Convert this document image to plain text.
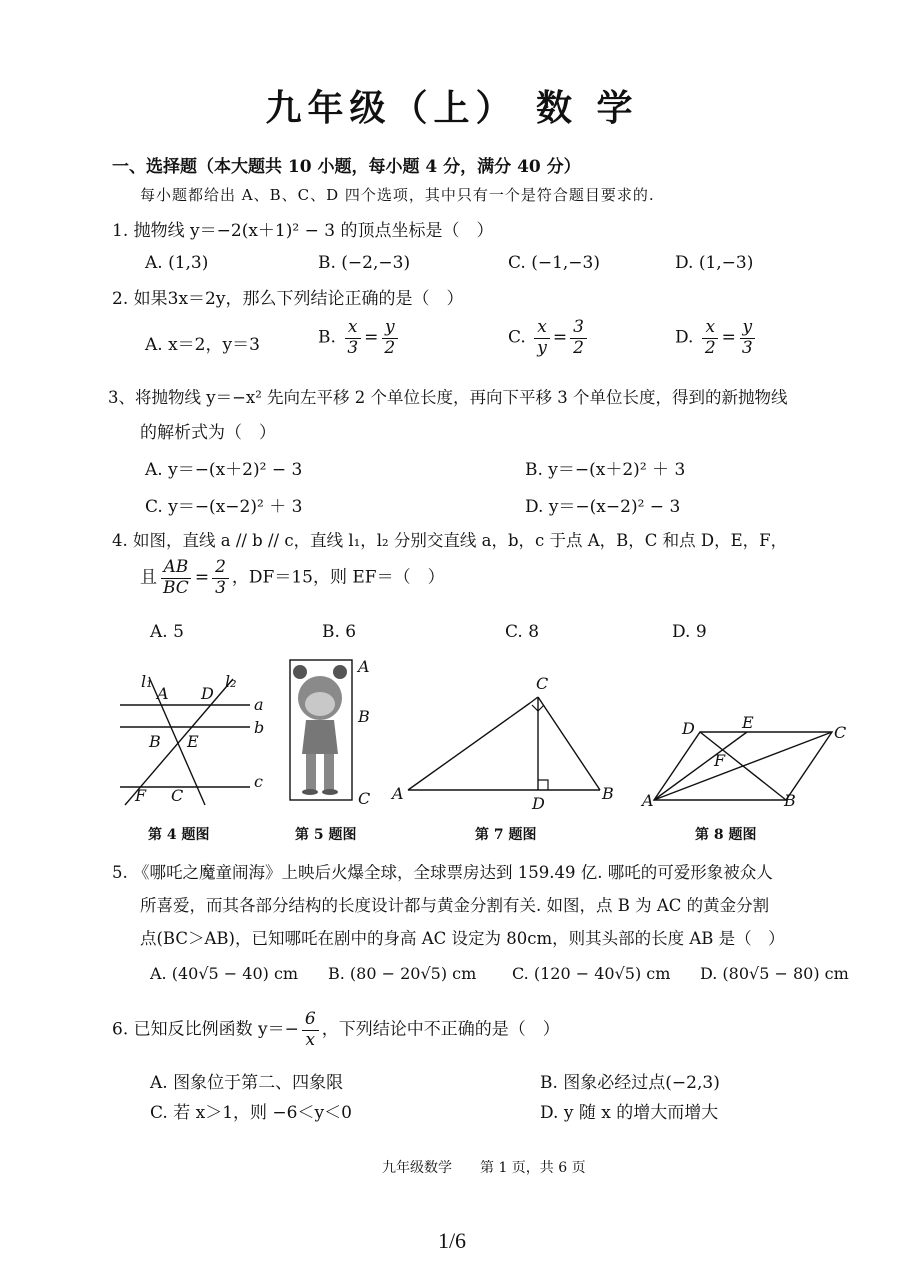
九年级（上） 数 学
一、选择题（本大题共 10 小题，每小题 4 分，满分 40 分）
每小题都给出 A、B、C、D 四个选项，其中只有一个是符合题目要求的.
1. 抛物线 y＝−2(x＋1)² − 3 的顶点坐标是（　）
A. (1,3)	B. (−2,−3)	C. (−1,−3)	D. (1,−3)
2. 如果3x＝2y，那么下列结论正确的是（　）
A. x＝2，y＝3	B. $\frac{x}{3} = \frac{y}{2}$	C. $\frac{x}{y} = \frac{3}{2}$	D. $\frac{x}{2} = \frac{y}{3}$
3、将抛物线 y＝−x² 先向左平移 2 个单位长度，再向下平移 3 个单位长度，得到的新抛物线
的解析式为（　）
A. y＝−(x＋2)² − 3	B. y＝−(x＋2)² ＋ 3
C. y＝−(x−2)² ＋ 3	D. y＝−(x−2)² − 3
4. 如图，直线 a // b // c，直线 l₁，l₂ 分别交直线 a，b，c 于点 A，B，C 和点 D，E，F，
且 $\frac{AB}{BC} = \frac{2}{3}$ ，DF＝15，则 EF＝（　）
A. 5	B. 6	C. 8	D. 9
l₁	l₂
A D
a
b
B E
c
F C
第 4 题图
A
B
C
第 5 题图
C
A
D
B
第 7 题图
D	E
C
F
A	B
第 8 题图
5. 《哪吒之魔童闹海》上映后火爆全球，全球票房达到 159.49 亿. 哪吒的可爱形象被众人
所喜爱，而其各部分结构的长度设计都与黄金分割有关. 如图，点 B 为 AC 的黄金分割
点(BC＞AB)，已知哪吒在剧中的身高 AC 设定为 80cm，则其头部的长度 AB 是（　）
A. (40√5 − 40) cm B. (80 − 20√5) cm C. (120 − 40√5) cm D. (80√5 − 80) cm
6. 已知反比例函数 $y=- \frac{6}{x}$ ，下列结论中不正确的是（　）
A. 图象位于第二、四象限	B. 图象必经过点(−2,3)
C. 若 x＞1，则 −6＜y＜0	D. y 随 x 的增大而增大
九年级数学　　第 1 页，共 6 页
1/6
